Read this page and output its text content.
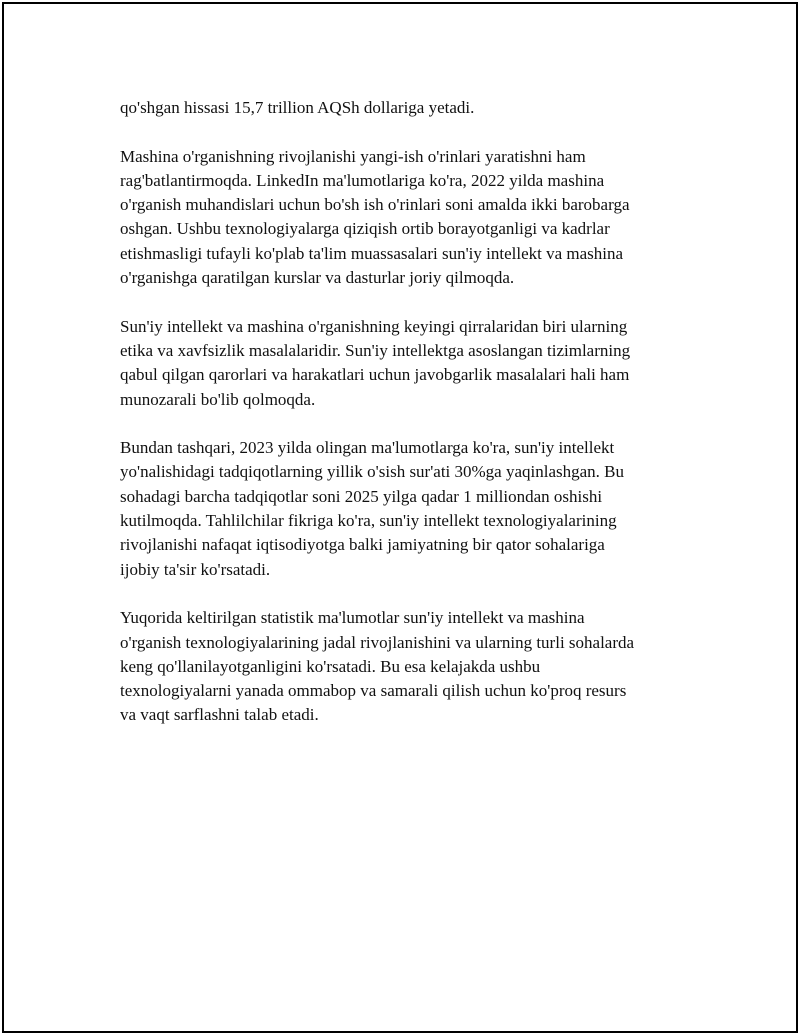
qo'shgan hissasi 15,7 trillion AQSh dollariga yetadi.

Mashina o'rganishning rivojlanishi yangi-ish o'rinlari yaratishni ham
rag'batlantirmoqda. LinkedIn ma'lumotlariga ko'ra, 2022 yilda mashina
o'rganish muhandislari uchun bo'sh ish o'rinlari soni amalda ikki barobarga
oshgan. Ushbu texnologiyalarga qiziqish ortib borayotganligi va kadrlar
etishmasligi tufayli ko'plab ta'lim muassasalari sun'iy intellekt va mashina
o'rganishga qaratilgan kurslar va dasturlar joriy qilmoqda.

Sun'iy intellekt va mashina o'rganishning keyingi qirralaridan biri ularning
etika va xavfsizlik masalalaridir. Sun'iy intellektga asoslangan tizimlarning
qabul qilgan qarorlari va harakatlari uchun javobgarlik masalalari hali ham
munozarali bo'lib qolmoqda.

Bundan tashqari, 2023 yilda olingan ma'lumotlarga ko'ra, sun'iy intellekt
yo'nalishidagi tadqiqotlarning yillik o'sish sur'ati 30%ga yaqinlashgan. Bu
sohadagi barcha tadqiqotlar soni 2025 yilga qadar 1 milliondan oshishi
kutilmoqda. Tahlilchilar fikriga ko'ra, sun'iy intellekt texnologiyalarining
rivojlanishi nafaqat iqtisodiyotga balki jamiyatning bir qator sohalariga
ijobiy ta'sir ko'rsatadi.

Yuqorida keltirilgan statistik ma'lumotlar sun'iy intellekt va mashina
o'rganish texnologiyalarining jadal rivojlanishini va ularning turli sohalarda
keng qo'llanilayotganligini ko'rsatadi. Bu esa kelajakda ushbu
texnologiyalarni yanada ommabop va samarali qilish uchun ko'proq resurs
va vaqt sarflashni talab etadi.
